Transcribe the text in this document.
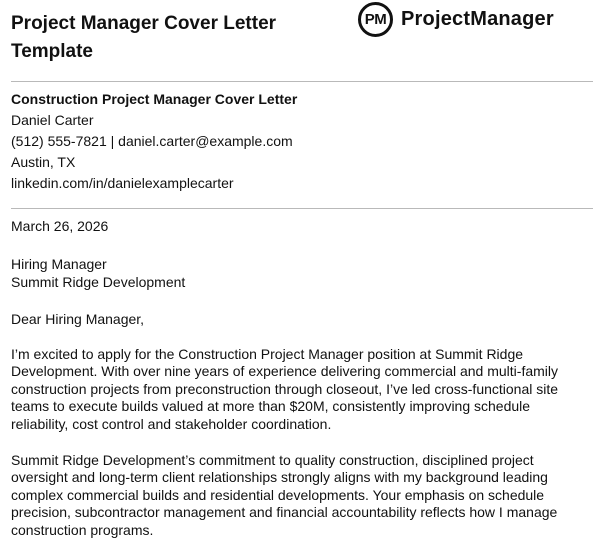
Project Manager Cover Letter Template
PM ProjectManager
Construction Project Manager Cover Letter
Daniel Carter
(512) 555-7821 | daniel.carter@example.com
Austin, TX
linkedin.com/in/danielexamplecarter
March 26, 2026
Hiring Manager
Summit Ridge Development
Dear Hiring Manager,

I’m excited to apply for the Construction Project Manager position at Summit Ridge Development. With over nine years of experience delivering commercial and multi-family construction projects from preconstruction through closeout, I’ve led cross-functional site teams to execute builds valued at more than $20M, consistently improving schedule reliability, cost control and stakeholder coordination.

Summit Ridge Development’s commitment to quality construction, disciplined project oversight and long-term client relationships strongly aligns with my background leading complex commercial builds and residential developments. Your emphasis on schedule precision, subcontractor management and financial accountability reflects how I manage construction programs.
